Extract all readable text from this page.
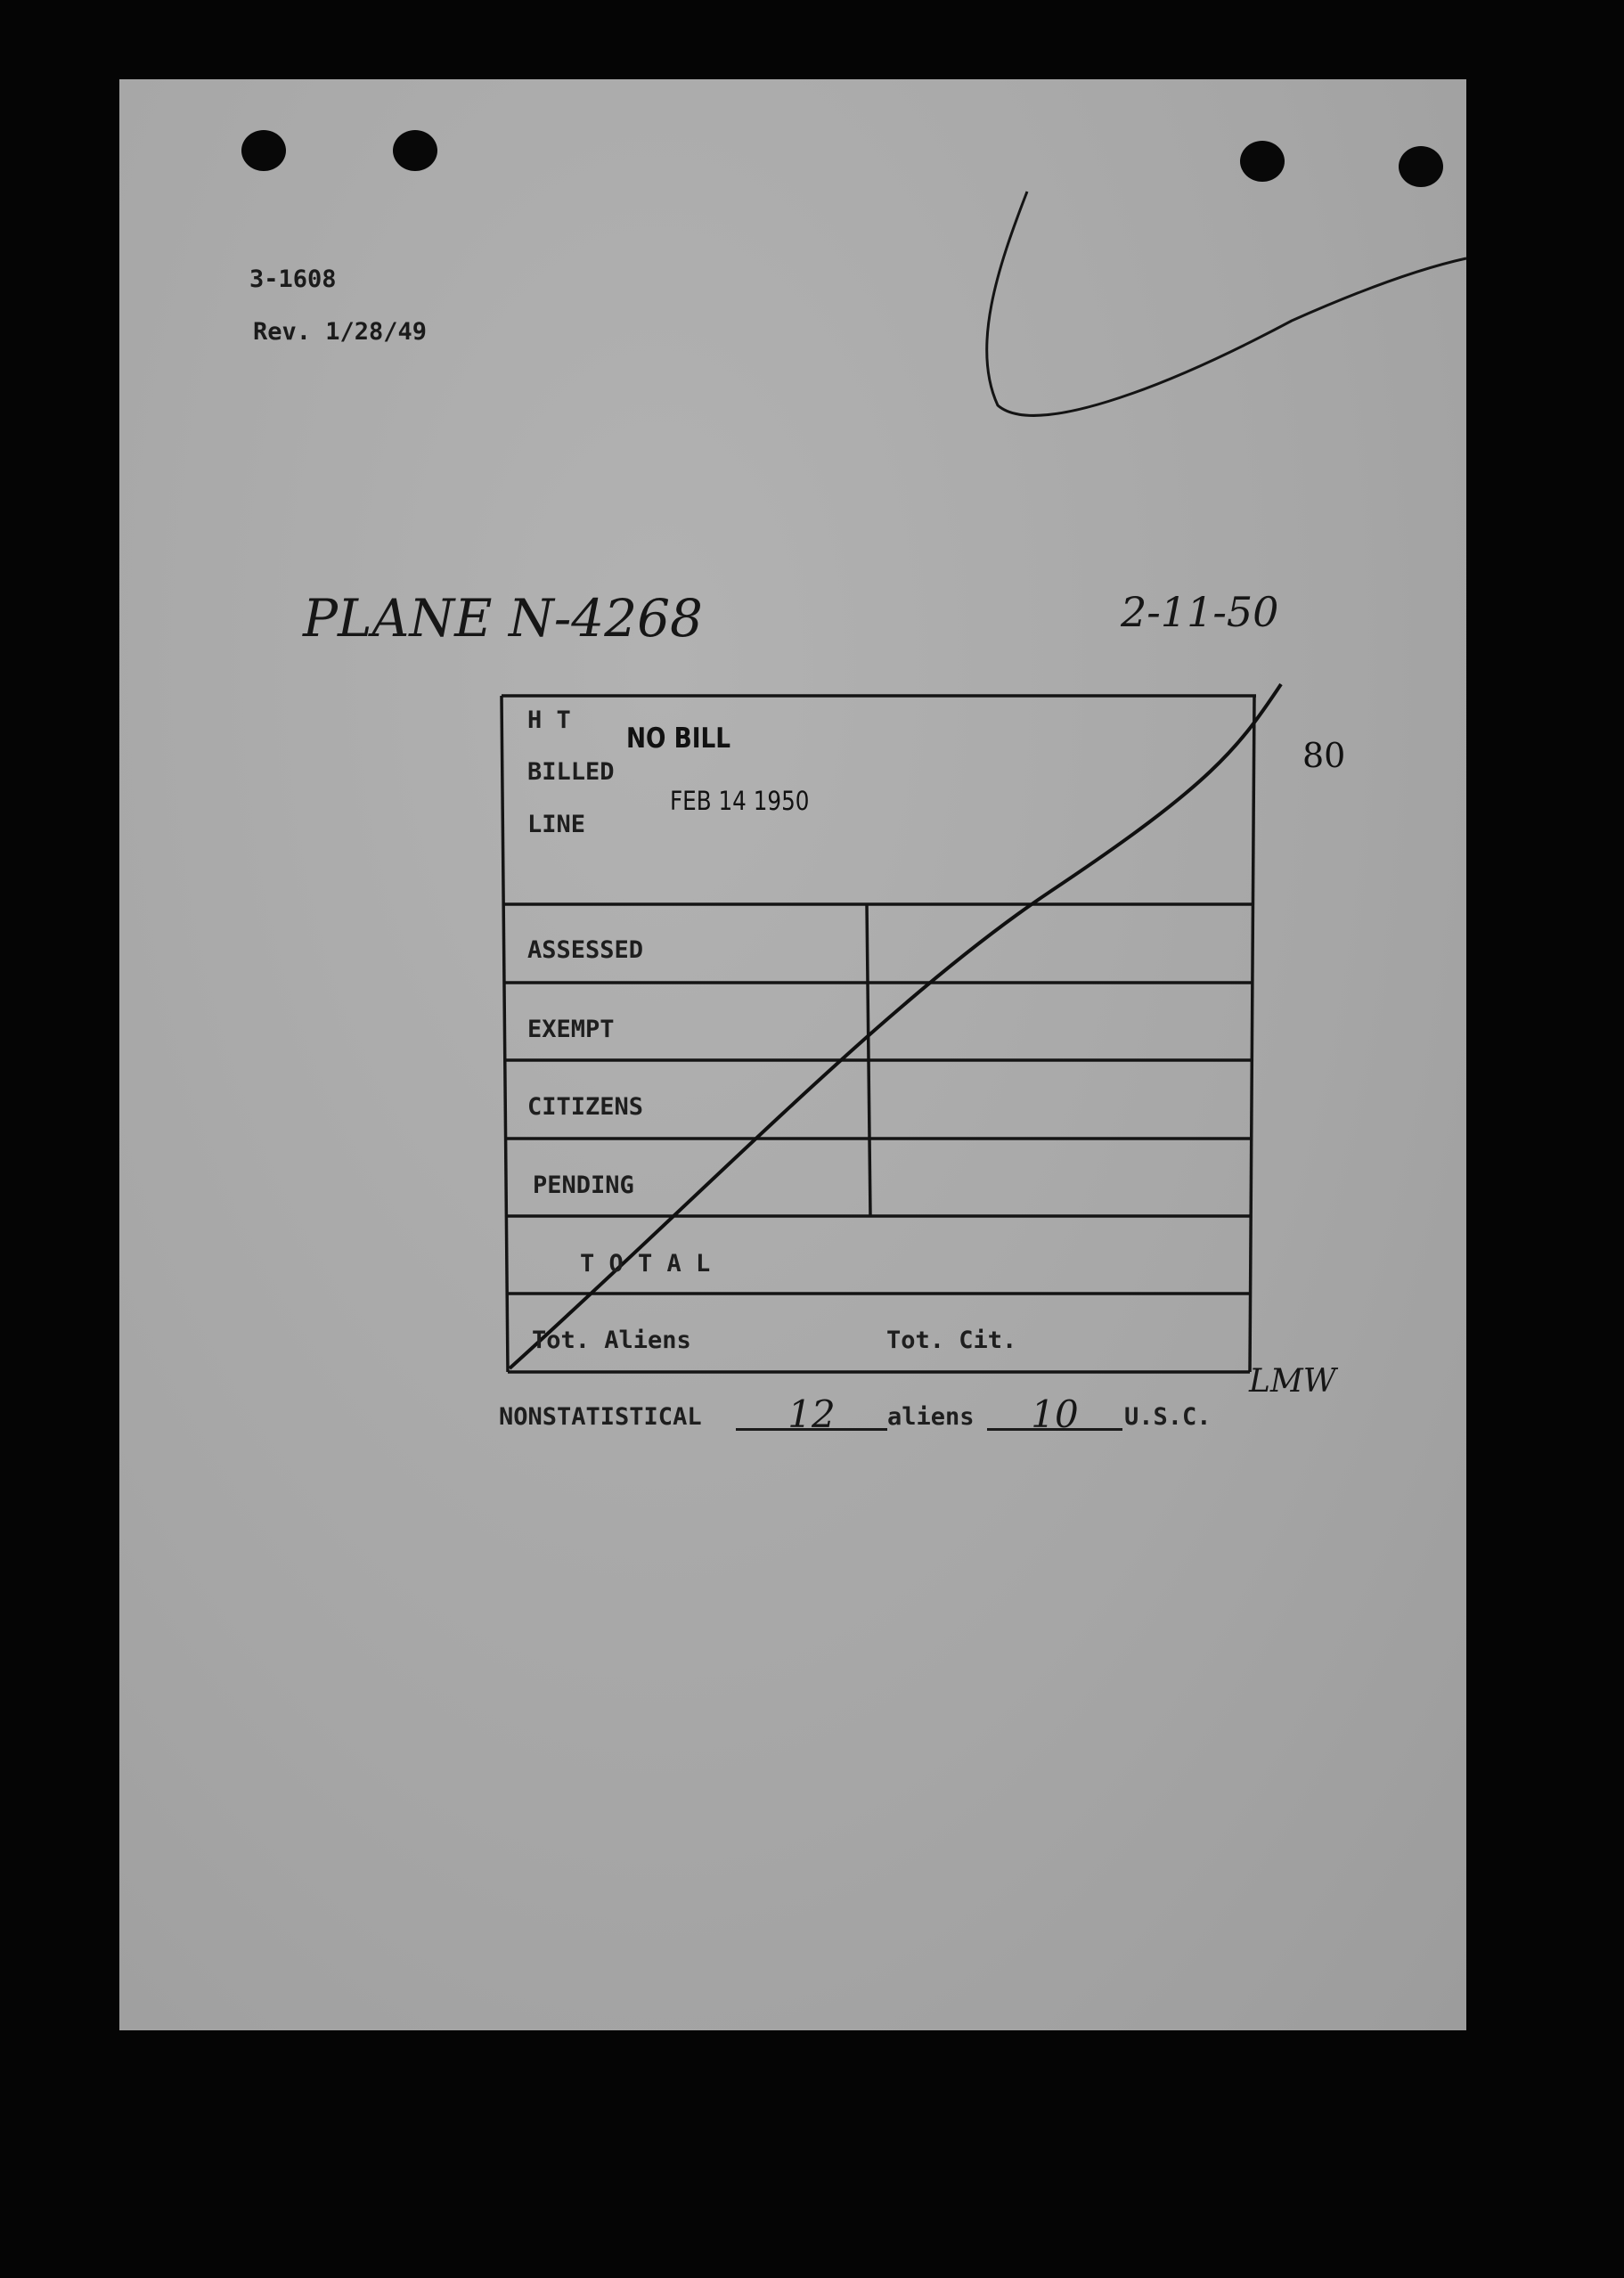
3-1608
Rev. 1/28/49
PLANE N-4268	2-11-50
80
H T
BILLED
LINE
NO BILL
FEB 14 1950
ASSESSED
EXEMPT
CITIZENS
PENDING
T O T A L
Tot. Aliens	Tot. Cit.
LMW
NONSTATISTICAL	12	aliens	10	U.S.C.
